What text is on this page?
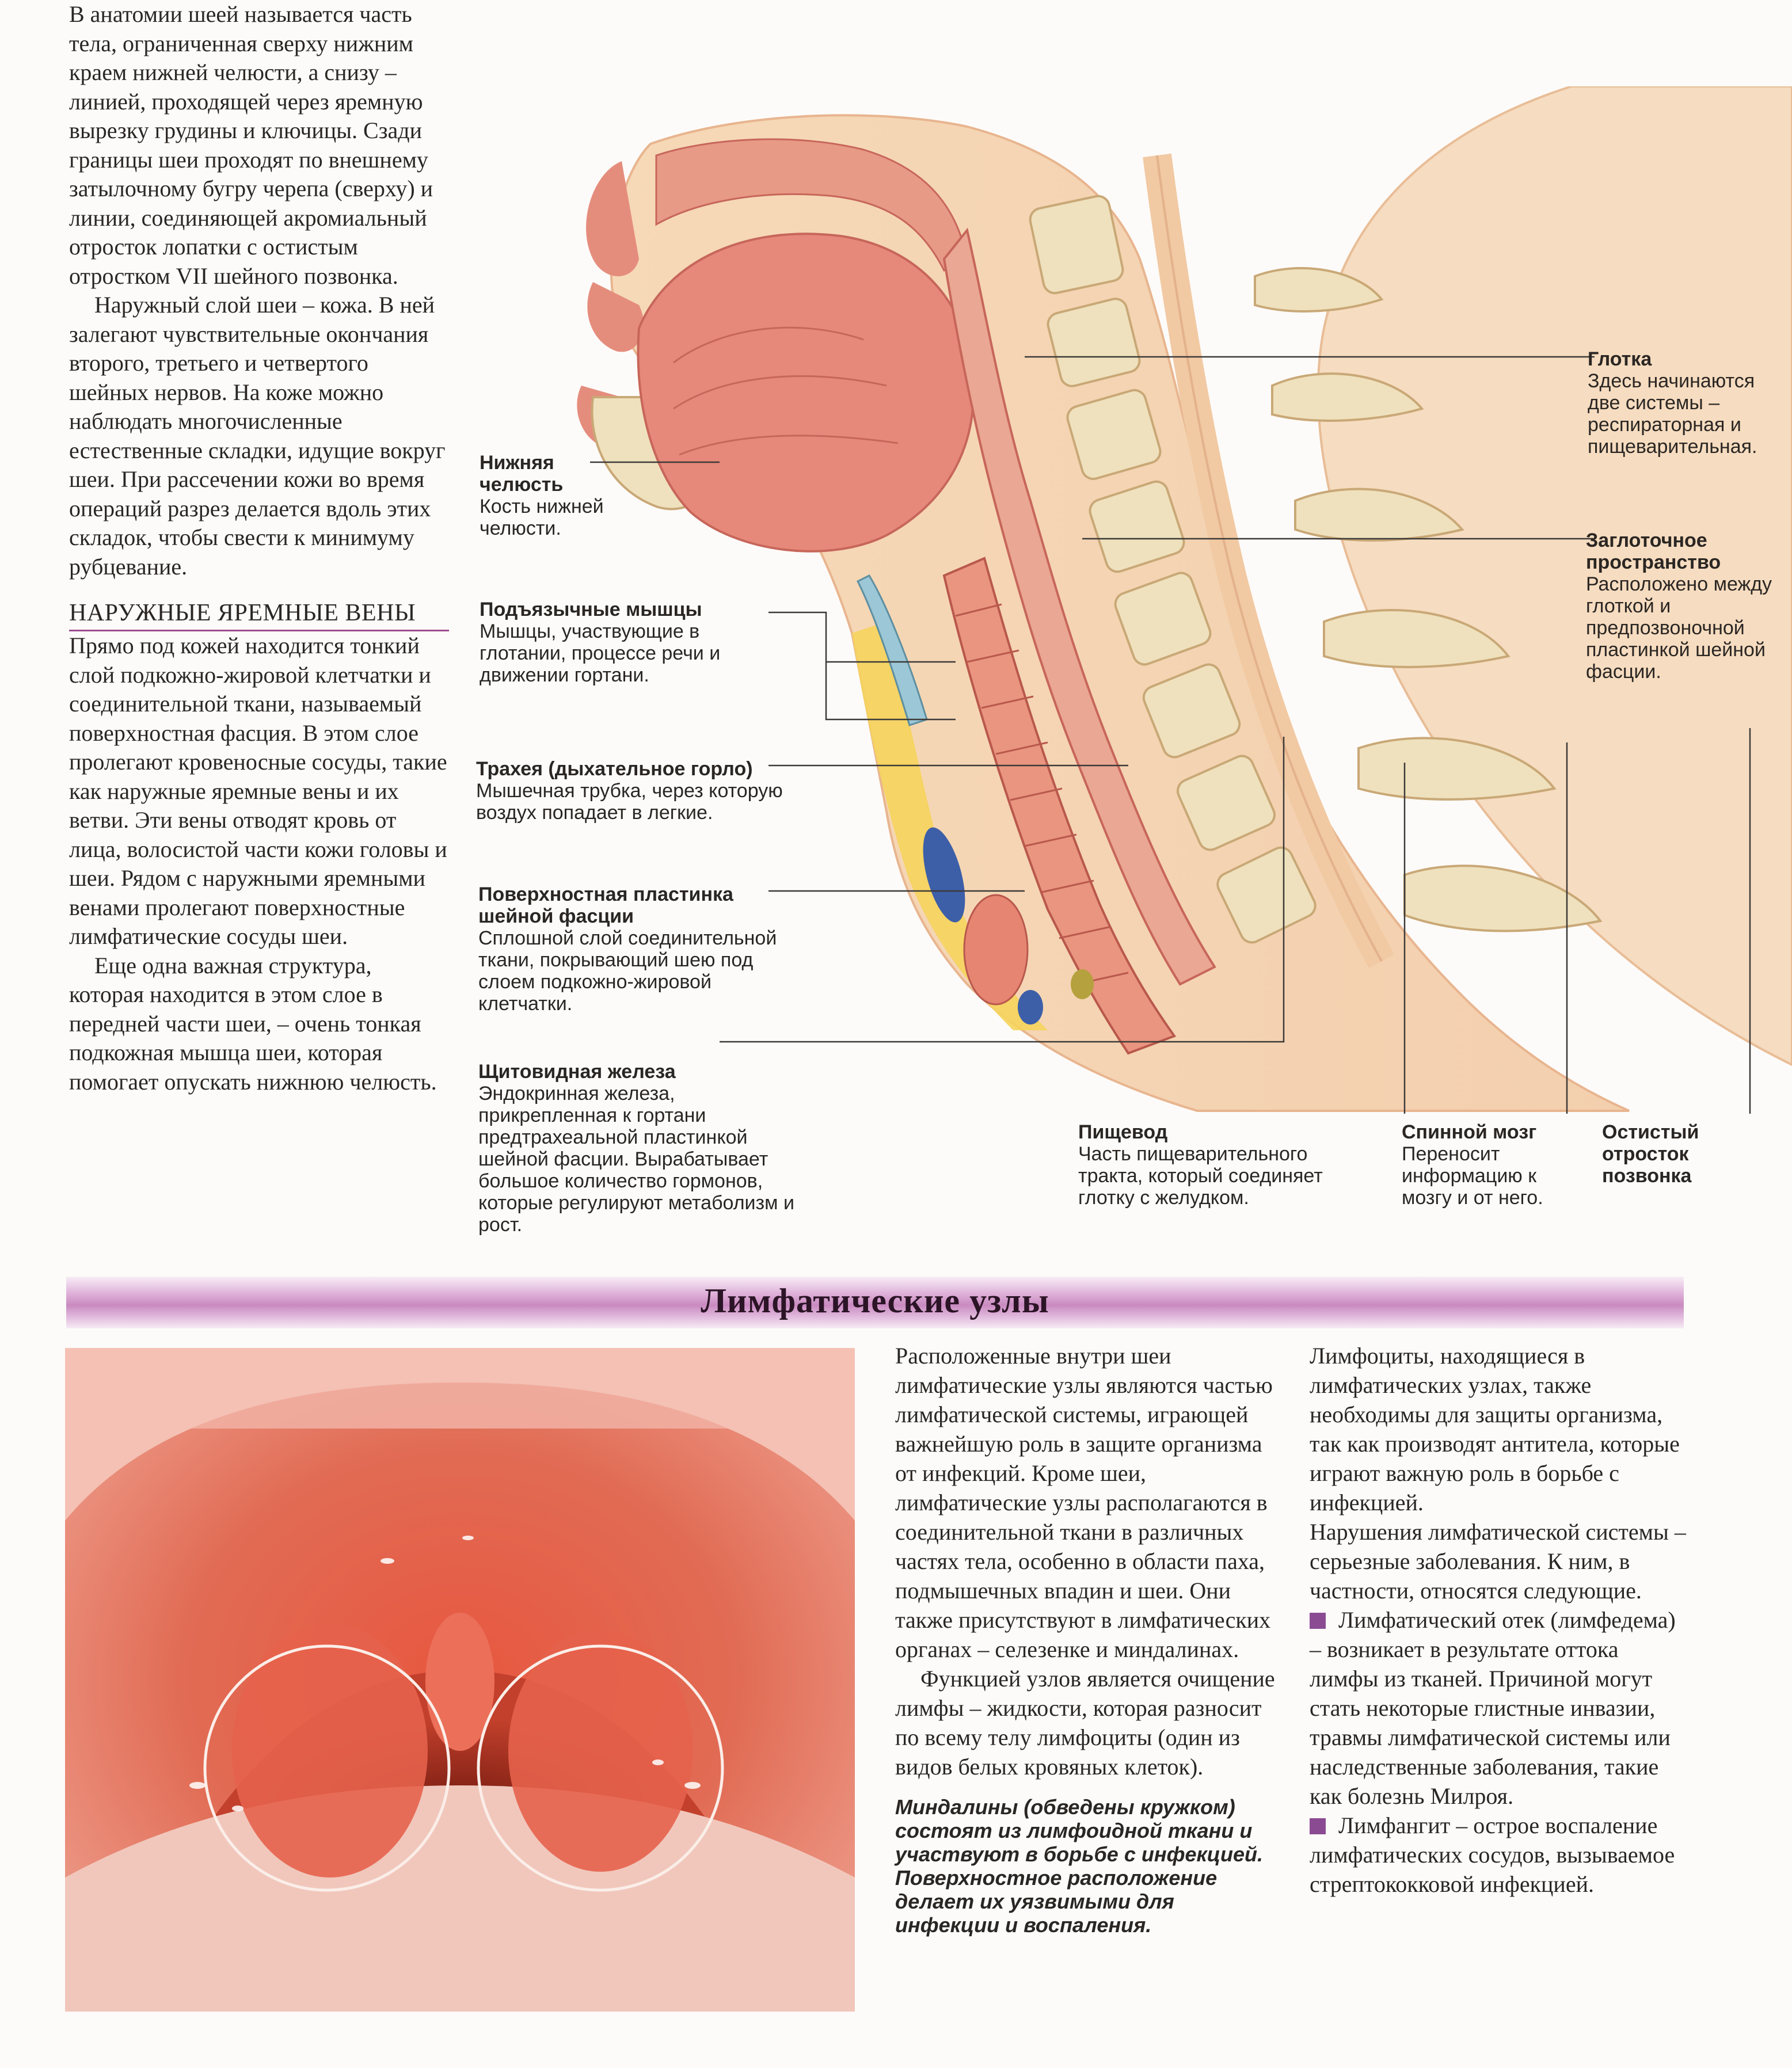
В анатомии шеей называется часть тела, ограниченная сверху нижним краем нижней челюсти, а снизу – линией, проходящей через яремную вырезку грудины и ключицы. Сзади границы шеи проходят по внешнему затылочному бугру черепа (сверху) и линии, соединяющей акромиальный отросток лопатки с остистым отростком VII шейного позвонка.

Наружный слой шеи – кожа. В ней залегают чувствительные окончания второго, третьего и четвертого шейных нервов. На коже можно наблюдать многочисленные естественные складки, идущие вокруг шеи. При рассечении кожи во время операций разрез делается вдоль этих складок, чтобы свести к минимуму рубцевание.

НАРУЖНЫЕ ЯРЕМНЫЕ ВЕНЫ

Прямо под кожей находится тонкий слой подкожно-жировой клетчатки и соединительной ткани, называемый поверхностная фасция. В этом слое пролегают кровеносные сосуды, такие как наружные яремные вены и их ветви. Эти вены отводят кровь от лица, волосистой части кожи головы и шеи. Рядом с наружными яремными венами пролегают поверхностные лимфатические сосуды шеи.

Еще одна важная структура, которая находится в этом слое в передней части шеи, – очень тонкая подкожная мышца шеи, которая помогает опускать нижнюю челюсть.

Нижняя челюсть
Кость нижней челюсти.
Подъязычные мышцы
Мышцы, участвующие в глотании, процессе речи и движении гортани.
Трахея (дыхательное горло)
Мышечная трубка, через которую воздух попадает в легкие.
Поверхностная пластинка шейной фасции
Сплошной слой соединительной ткани, покрывающий шею под слоем подкожно-жировой клетчатки.
Щитовидная железа
Эндокринная железа, прикрепленная к гортани предтрахеальной пластинкой шейной фасции. Вырабатывает большое количество гормонов, которые регулируют метаболизм и рост.
Глотка
Здесь начинаются две системы – респираторная и пищеварительная.
Заглоточное пространство
Расположено между глоткой и предпозвоночной пластинкой шейной фасции.
Пищевод
Часть пищеварительного тракта, который соединяет глотку с желудком.
Спинной мозг
Переносит информацию к мозгу и от него.
Остистый отросток позвонка
Лимфатические узлы

Расположенные внутри шеи лимфатические узлы являются частью лимфатической системы, играющей важнейшую роль в защите организма от инфекций. Кроме шеи, лимфатические узлы располагаются в соединительной ткани в различных частях тела, особенно в области паха, подмышечных впадин и шеи. Они также присутствуют в лимфатических органах – селезенке и миндалинах.

Функцией узлов является очищение лимфы – жидкости, которая разносит по всему телу лимфоциты (один из видов белых кровяных клеток).

Миндалины (обведены кружком) состоят из лимфоидной ткани и участвуют в борьбе с инфекцией. Поверхностное расположение делает их уязвимыми для инфекции и воспаления.

Лимфоциты, находящиеся в лимфатических узлах, также необходимы для защиты организма, так как производят антитела, которые играют важную роль в борьбе с инфекцией.

Нарушения лимфатической системы – серьезные заболевания. К ним, в частности, относятся следующие.

Лимфатический отек (лимфедема) – возникает в результате оттока лимфы из тканей. Причиной могут стать некоторые глистные инвазии, травмы лимфатической системы или наследственные заболевания, такие как болезнь Милроя.

Лимфангит – острое воспаление лимфатических сосудов, вызываемое стрептококковой инфекцией.
